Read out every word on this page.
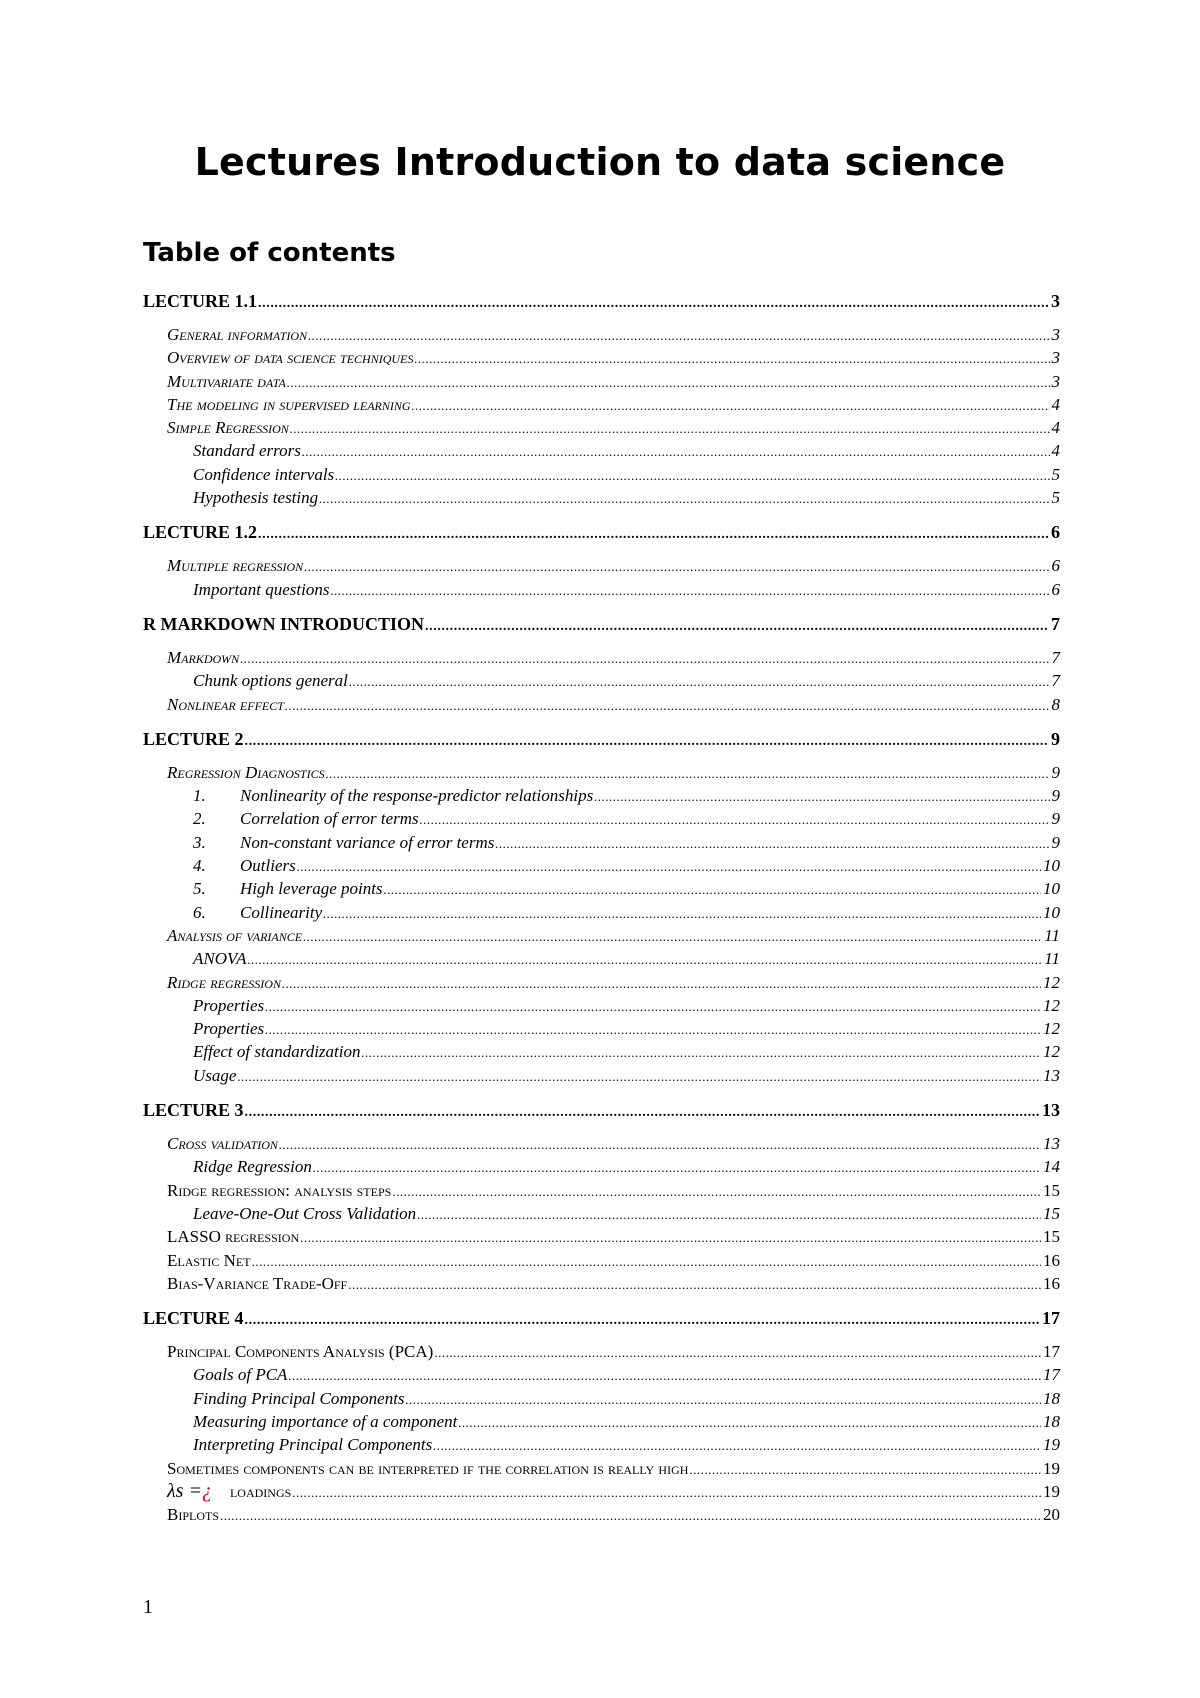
Lectures Introduction to data science
Table of contents
LECTURE 1.1 .....	3
General information .....	3
Overview of data science techniques .....	3
Multivariate data .....	3
The modeling in supervised learning .....	4
Simple Regression .....	4
Standard errors .....	4
Confidence intervals .....	5
Hypothesis testing .....	5
LECTURE 1.2 .....	6
Multiple regression .....	6
Important questions .....	6
R MARKDOWN INTRODUCTION .....	7
Markdown .....	7
Chunk options general .....	7
Nonlinear effect .....	8
LECTURE 2 .....	9
Regression Diagnostics .....	9
1. Nonlinearity of the response-predictor relationships .....	9
2. Correlation of error terms .....	9
3. Non-constant variance of error terms .....	9
4. Outliers .....	10
5. High leverage points .....	10
6. Collinearity .....	10
Analysis of variance .....	11
ANOVA .....	11
Ridge regression .....	12
Properties .....	12
Properties .....	12
Effect of standardization .....	12
Usage .....	13
LECTURE 3 .....	13
Cross validation .....	13
Ridge Regression .....	14
Ridge regression: analysis steps .....	15
Leave-One-Out Cross Validation .....	15
LASSO regression .....	15
Elastic Net .....	16
Bias-Variance Trade-Off .....	16
LECTURE 4 .....	17
Principal Components Analysis (PCA) .....	17
Goals of PCA .....	17
Finding Principal Components .....	18
Measuring importance of a component .....	18
Interpreting Principal Components .....	19
Sometimes components can be interpreted if the correlation is really high .....	19
λs =¿ loadings .....	19
Biplots .....	20
1
